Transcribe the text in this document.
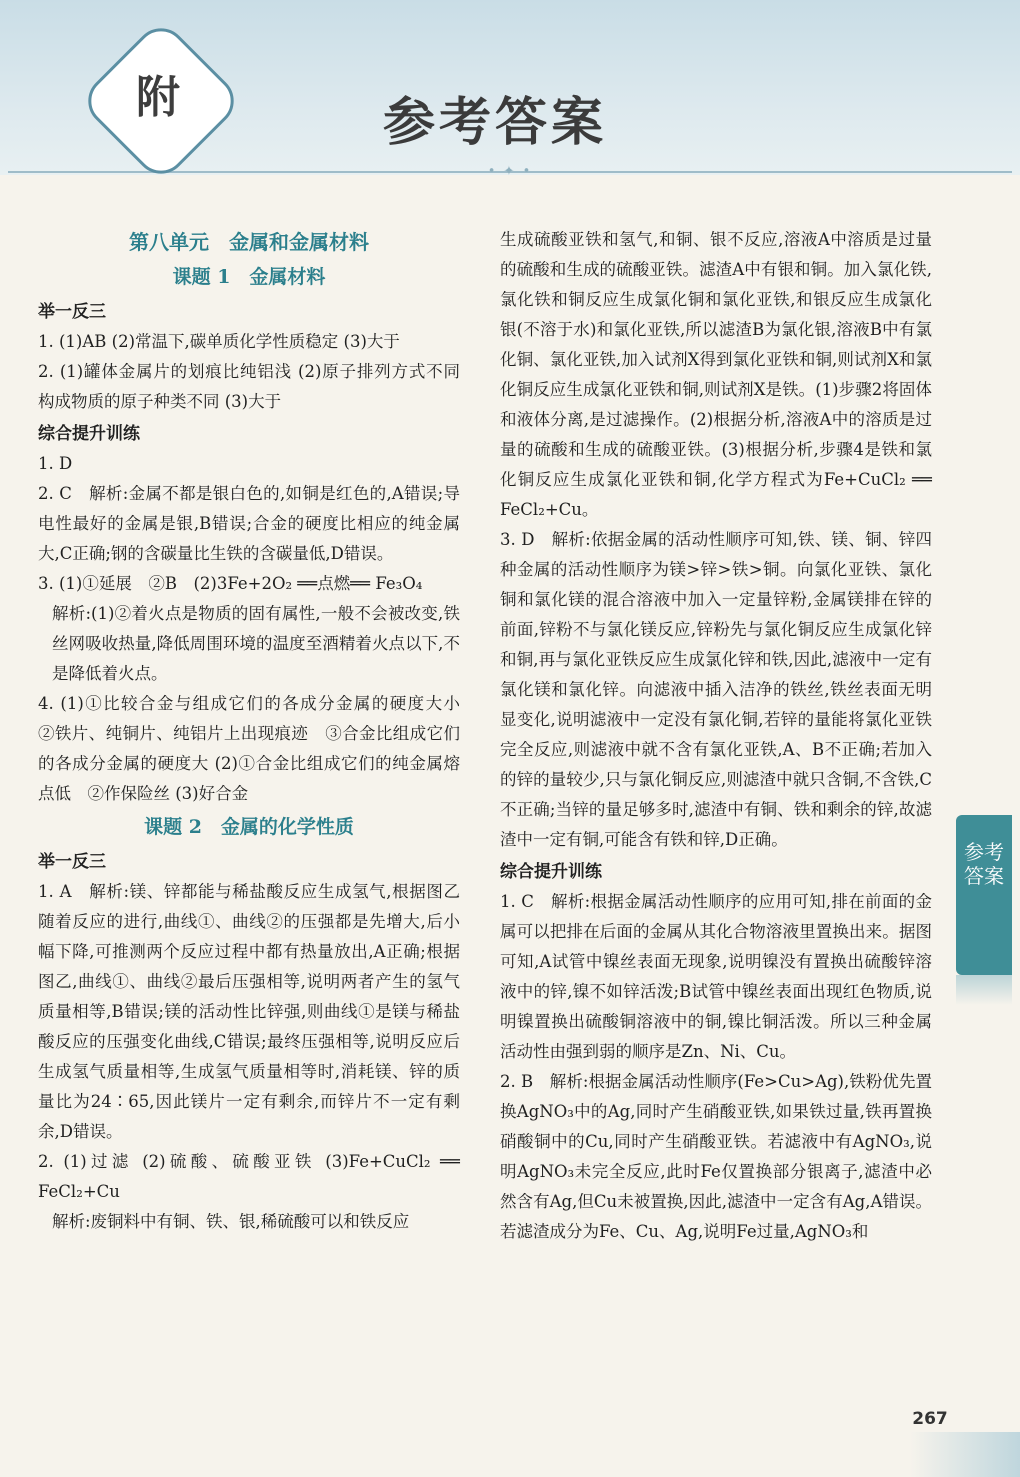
• ✦ •
附	参考答案
第八单元　金属和金属材料
课题 1　金属材料
举一反三

1. (1)AB (2)常温下,碳单质化学性质稳定 (3)大于

2. (1)罐体金属片的划痕比纯铝浅 (2)原子排列方式不同　构成物质的原子种类不同 (3)大于

综合提升训练

1. D

2. C　解析:金属不都是银白色的,如铜是红色的,A错误;导电性最好的金属是银,B错误;合金的硬度比相应的纯金属大,C正确;钢的含碳量比生铁的含碳量低,D错误。

3. (1)①延展　②B　(2)3Fe+2O₂ ══点燃══ Fe₃O₄

解析:(1)②着火点是物质的固有属性,一般不会被改变,铁丝网吸收热量,降低周围环境的温度至酒精着火点以下,不是降低着火点。

4. (1)①比较合金与组成它们的各成分金属的硬度大小　②铁片、纯铜片、纯铝片上出现痕迹　③合金比组成它们的各成分金属的硬度大 (2)①合金比组成它们的纯金属熔点低　②作保险丝 (3)好合金

课题 2　金属的化学性质
举一反三

1. A　解析:镁、锌都能与稀盐酸反应生成氢气,根据图乙随着反应的进行,曲线①、曲线②的压强都是先增大,后小幅下降,可推测两个反应过程中都有热量放出,A正确;根据图乙,曲线①、曲线②最后压强相等,说明两者产生的氢气质量相等,B错误;镁的活动性比锌强,则曲线①是镁与稀盐酸反应的压强变化曲线,C错误;最终压强相等,说明反应后生成氢气质量相等,生成氢气质量相等时,消耗镁、锌的质量比为24∶65,因此镁片一定有剩余,而锌片不一定有剩余,D错误。

2. (1)过滤 (2)硫酸、硫酸亚铁 (3)Fe+CuCl₂ ══ FeCl₂+Cu

解析:废铜料中有铜、铁、银,稀硫酸可以和铁反应

生成硫酸亚铁和氢气,和铜、银不反应,溶液A中溶质是过量的硫酸和生成的硫酸亚铁。滤渣A中有银和铜。加入氯化铁,氯化铁和铜反应生成氯化铜和氯化亚铁,和银反应生成氯化银(不溶于水)和氯化亚铁,所以滤渣B为氯化银,溶液B中有氯化铜、氯化亚铁,加入试剂X得到氯化亚铁和铜,则试剂X和氯化铜反应生成氯化亚铁和铜,则试剂X是铁。(1)步骤2将固体和液体分离,是过滤操作。(2)根据分析,溶液A中的溶质是过量的硫酸和生成的硫酸亚铁。(3)根据分析,步骤4是铁和氯化铜反应生成氯化亚铁和铜,化学方程式为Fe+CuCl₂ ══ FeCl₂+Cu。

3. D　解析:依据金属的活动性顺序可知,铁、镁、铜、锌四种金属的活动性顺序为镁>锌>铁>铜。向氯化亚铁、氯化铜和氯化镁的混合溶液中加入一定量锌粉,金属镁排在锌的前面,锌粉不与氯化镁反应,锌粉先与氯化铜反应生成氯化锌和铜,再与氯化亚铁反应生成氯化锌和铁,因此,滤液中一定有氯化镁和氯化锌。向滤液中插入洁净的铁丝,铁丝表面无明显变化,说明滤液中一定没有氯化铜,若锌的量能将氯化亚铁完全反应,则滤液中就不含有氯化亚铁,A、B不正确;若加入的锌的量较少,只与氯化铜反应,则滤渣中就只含铜,不含铁,C不正确;当锌的量足够多时,滤渣中有铜、铁和剩余的锌,故滤渣中一定有铜,可能含有铁和锌,D正确。

综合提升训练

1. C　解析:根据金属活动性顺序的应用可知,排在前面的金属可以把排在后面的金属从其化合物溶液里置换出来。据图可知,A试管中镍丝表面无现象,说明镍没有置换出硫酸锌溶液中的锌,镍不如锌活泼;B试管中镍丝表面出现红色物质,说明镍置换出硫酸铜溶液中的铜,镍比铜活泼。所以三种金属活动性由强到弱的顺序是Zn、Ni、Cu。

2. B　解析:根据金属活动性顺序(Fe>Cu>Ag),铁粉优先置换AgNO₃中的Ag,同时产生硝酸亚铁,如果铁过量,铁再置换硝酸铜中的Cu,同时产生硝酸亚铁。若滤液中有AgNO₃,说明AgNO₃未完全反应,此时Fe仅置换部分银离子,滤渣中必然含有Ag,但Cu未被置换,因此,滤渣中一定含有Ag,A错误。若滤渣成分为Fe、Cu、Ag,说明Fe过量,AgNO₃和

参考答案
267
